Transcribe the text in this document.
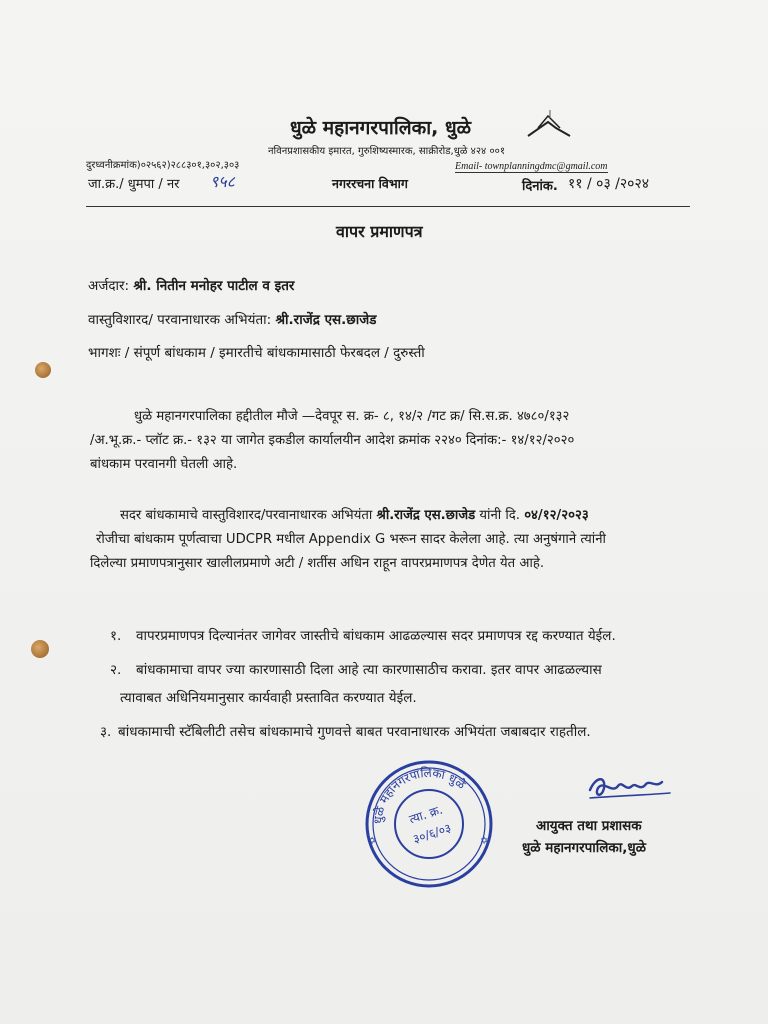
धुळे महानगरपालिका, धुळे
नविनप्रशासकीय इमारत, गुरुशिष्यस्मारक, साक्रीरोड,धुळे ४२४ ००१
दुरध्वनीक्रमांक)०२५६२)२८८३०१,३०२,३०३	Email- townplanningdmc@gmail.com
जा.क्र./ धुमपा / नर ९५८	नगररचना विभाग	दिनांक. ११ / ०३ /२०२४
वापर प्रमाणपत्र
अर्जदार: श्री. नितीन मनोहर पाटील व इतर
वास्तुविशारद/ परवानाधारक अभियंता: श्री.राजेंद्र एस.छाजेड
भागशः / संपूर्ण बांधकाम / इमारतीचे बांधकामासाठी फेरबदल / दुरुस्ती
धुळे महानगरपालिका हद्दीतील मौजे —देवपूर स. क्र- ८, १४/२ /गट क्र/ सि.स.क्र. ४७८०/१३२
/अ.भू.क्र.- प्लॉट क्र.- १३२ या जागेत इकडील कार्यालयीन आदेश क्रमांक २२४० दिनांक:- १४/१२/२०२०
बांधकाम परवानगी घेतली आहे.
सदर बांधकामाचे वास्तुविशारद/परवानाधारक अभियंता श्री.राजेंद्र एस.छाजेड यांनी दि. ०४/१२/२०२३
रोजीचा बांधकाम पूर्णत्वाचा UDCPR मधील Appendix G भरून सादर केलेला आहे. त्या अनुषंगाने त्यांनी
दिलेल्या प्रमाणपत्रानुसार खालीलप्रमाणे अटी / शर्तीस अधिन राहून वापरप्रमाणपत्र देणेत येत आहे.
१. वापरप्रमाणपत्र दिल्यानंतर जागेवर जास्तीचे बांधकाम आढळल्यास सदर प्रमाणपत्र रद्द करण्यात येईल.
२. बांधकामाचा वापर ज्या कारणासाठी दिला आहे त्या कारणासाठीच करावा. इतर वापर आढळल्यास
त्यावाबत अधिनियमानुसार कार्यवाही प्रस्तावित करण्यात येईल.
३. बांधकामाची स्टॅबिलीटी तसेच बांधकामाचे गुणवत्ते बाबत परवानाधारक अभियंता जबाबदार राहतील.
धुळे महानगरपालिका धुळे
त्या. क्र.
३०/६/०३
✡	✡
आयुक्त तथा प्रशासक
धुळे महानगरपालिका,धुळे
